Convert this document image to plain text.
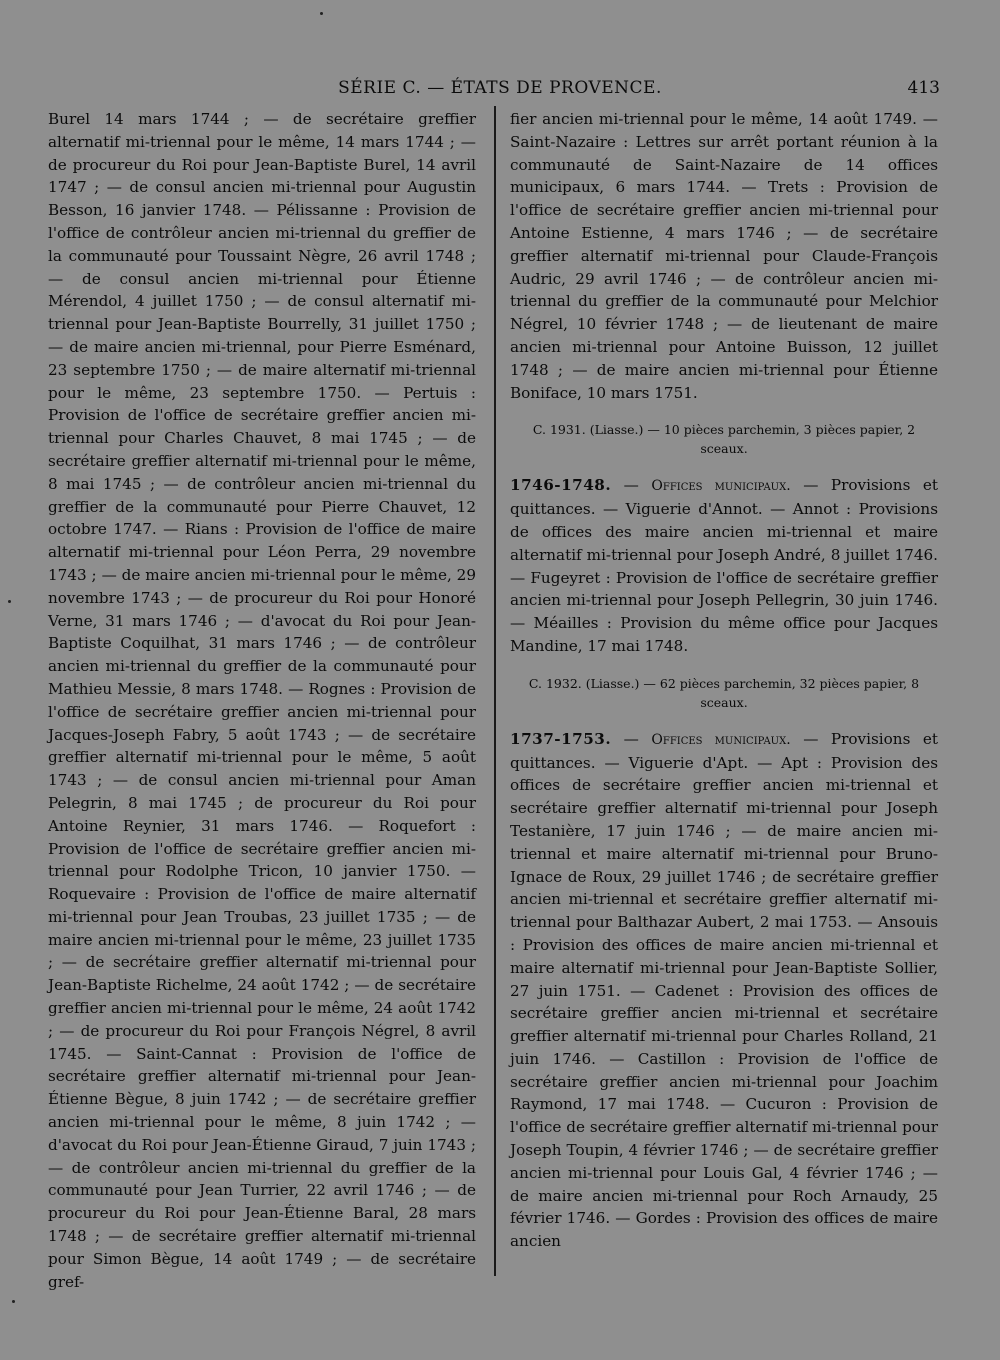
SÉRIE C. — ÉTATS DE PROVENCE.	413

Burel 14 mars 1744 ; — de secrétaire greffier alternatif mi-triennal pour le même, 14 mars 1744 ; — de procureur du Roi pour Jean-Baptiste Burel, 14 avril 1747 ; — de consul ancien mi-triennal pour Augustin Besson, 16 janvier 1748. — Pélissanne : Provision de l'office de contrôleur ancien mi-triennal du greffier de la communauté pour Toussaint Nègre, 26 avril 1748 ; — de consul ancien mi-triennal pour Étienne Mérendol, 4 juillet 1750 ; — de consul alternatif mi-triennal pour Jean-Baptiste Bourrelly, 31 juillet 1750 ; — de maire ancien mi-triennal, pour Pierre Esménard, 23 septembre 1750 ; — de maire alternatif mi-triennal pour le même, 23 septembre 1750. — Pertuis : Provision de l'office de secrétaire greffier ancien mi-triennal pour Charles Chauvet, 8 mai 1745 ; — de secrétaire greffier alternatif mi-triennal pour le même, 8 mai 1745 ; — de contrôleur ancien mi-triennal du greffier de la communauté pour Pierre Chauvet, 12 octobre 1747. — Rians : Provision de l'office de maire alternatif mi-triennal pour Léon Perra, 29 novembre 1743 ; — de maire ancien mi-triennal pour le même, 29 novembre 1743 ; — de procureur du Roi pour Honoré Verne, 31 mars 1746 ; — d'avocat du Roi pour Jean-Baptiste Coquilhat, 31 mars 1746 ; — de contrôleur ancien mi-triennal du greffier de la communauté pour Mathieu Messie, 8 mars 1748. — Rognes : Provision de l'office de secrétaire greffier ancien mi-triennal pour Jacques-Joseph Fabry, 5 août 1743 ; — de secrétaire greffier alternatif mi-triennal pour le même, 5 août 1743 ; — de consul ancien mi-triennal pour Aman Pelegrin, 8 mai 1745 ; de procureur du Roi pour Antoine Reynier, 31 mars 1746. — Roquefort : Provision de l'office de secrétaire greffier ancien mi-triennal pour Rodolphe Tricon, 10 janvier 1750. — Roquevaire : Provision de l'office de maire alternatif mi-triennal pour Jean Troubas, 23 juillet 1735 ; — de maire ancien mi-triennal pour le même, 23 juillet 1735 ; — de secrétaire greffier alternatif mi-triennal pour Jean-Baptiste Richelme, 24 août 1742 ; — de secrétaire greffier ancien mi-triennal pour le même, 24 août 1742 ; — de procureur du Roi pour François Négrel, 8 avril 1745. — Saint-Cannat : Provision de l'office de secrétaire greffier alternatif mi-triennal pour Jean-Étienne Bègue, 8 juin 1742 ; — de secrétaire greffier ancien mi-triennal pour le même, 8 juin 1742 ; — d'avocat du Roi pour Jean-Étienne Giraud, 7 juin 1743 ; — de contrôleur ancien mi-triennal du greffier de la communauté pour Jean Turrier, 22 avril 1746 ; — de procureur du Roi pour Jean-Étienne Baral, 28 mars 1748 ; — de secrétaire greffier alternatif mi-triennal pour Simon Bègue, 14 août 1749 ; — de secrétaire gref-

fier ancien mi-triennal pour le même, 14 août 1749. — Saint-Nazaire : Lettres sur arrêt portant réunion à la communauté de Saint-Nazaire de 14 offices municipaux, 6 mars 1744. — Trets : Provision de l'office de secrétaire greffier ancien mi-triennal pour Antoine Estienne, 4 mars 1746 ; — de secrétaire greffier alternatif mi-triennal pour Claude-François Audric, 29 avril 1746 ; — de contrôleur ancien mi-triennal du greffier de la communauté pour Melchior Négrel, 10 février 1748 ; — de lieutenant de maire ancien mi-triennal pour Antoine Buisson, 12 juillet 1748 ; — de maire ancien mi-triennal pour Étienne Boniface, 10 mars 1751.

C. 1931. (Liasse.) — 10 pièces parchemin, 3 pièces papier, 2 sceaux.

1746-1748. — Offices municipaux. — Provisions et quittances. — Viguerie d'Annot. — Annot : Provisions de offices des maire ancien mi-triennal et maire alternatif mi-triennal pour Joseph André, 8 juillet 1746. — Fugeyret : Provision de l'office de secrétaire greffier ancien mi-triennal pour Joseph Pellegrin, 30 juin 1746. — Méailles : Provision du même office pour Jacques Mandine, 17 mai 1748.

C. 1932. (Liasse.) — 62 pièces parchemin, 32 pièces papier, 8 sceaux.

1737-1753. — Offices municipaux. — Provisions et quittances. — Viguerie d'Apt. — Apt : Provision des offices de secrétaire greffier ancien mi-triennal et secrétaire greffier alternatif mi-triennal pour Joseph Testanière, 17 juin 1746 ; — de maire ancien mi-triennal et maire alternatif mi-triennal pour Bruno-Ignace de Roux, 29 juillet 1746 ; de secrétaire greffier ancien mi-triennal et secrétaire greffier alternatif mi-triennal pour Balthazar Aubert, 2 mai 1753. — Ansouis : Provision des offices de maire ancien mi-triennal et maire alternatif mi-triennal pour Jean-Baptiste Sollier, 27 juin 1751. — Cadenet : Provision des offices de secrétaire greffier ancien mi-triennal et secrétaire greffier alternatif mi-triennal pour Charles Rolland, 21 juin 1746. — Castillon : Provision de l'office de secrétaire greffier ancien mi-triennal pour Joachim Raymond, 17 mai 1748. — Cucuron : Provision de l'office de secrétaire greffier alternatif mi-triennal pour Joseph Toupin, 4 février 1746 ; — de secrétaire greffier ancien mi-triennal pour Louis Gal, 4 février 1746 ; — de maire ancien mi-triennal pour Roch Arnaudy, 25 février 1746. — Gordes : Provision des offices de maire ancien
